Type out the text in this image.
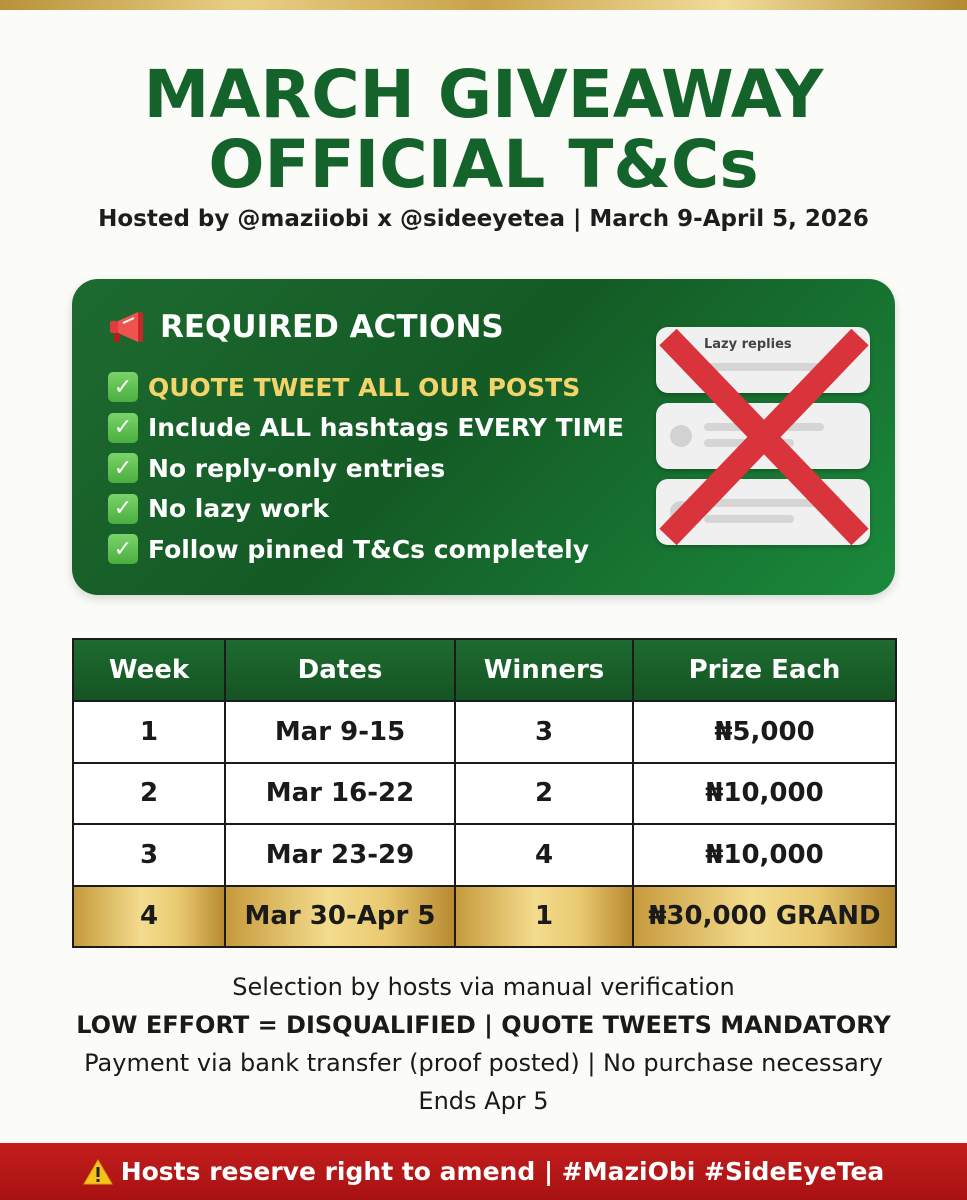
MARCH GIVEAWAY
OFFICIAL T&Cs
Hosted by @maziiobi x @sideeyetea | March 9-April 5, 2026
REQUIRED ACTIONS
✓ QUOTE TWEET ALL OUR POSTS
✓ Include ALL hashtags EVERY TIME
✓ No reply-only entries
✓ No lazy work
✓ Follow pinned T&Cs completely
Lazy replies
Week	Dates	Winners	Prize Each
1	Mar 9-15	3	₦5,000
2	Mar 16-22	2	₦10,000
3	Mar 23-29	4	₦10,000
4	Mar 30-Apr 5	1	₦30,000 GRAND
Selection by hosts via manual verification
LOW EFFORT = DISQUALIFIED | QUOTE TWEETS MANDATORY
Payment via bank transfer (proof posted) | No purchase necessary
Ends Apr 5
Hosts reserve right to amend | #MaziObi #SideEyeTea
